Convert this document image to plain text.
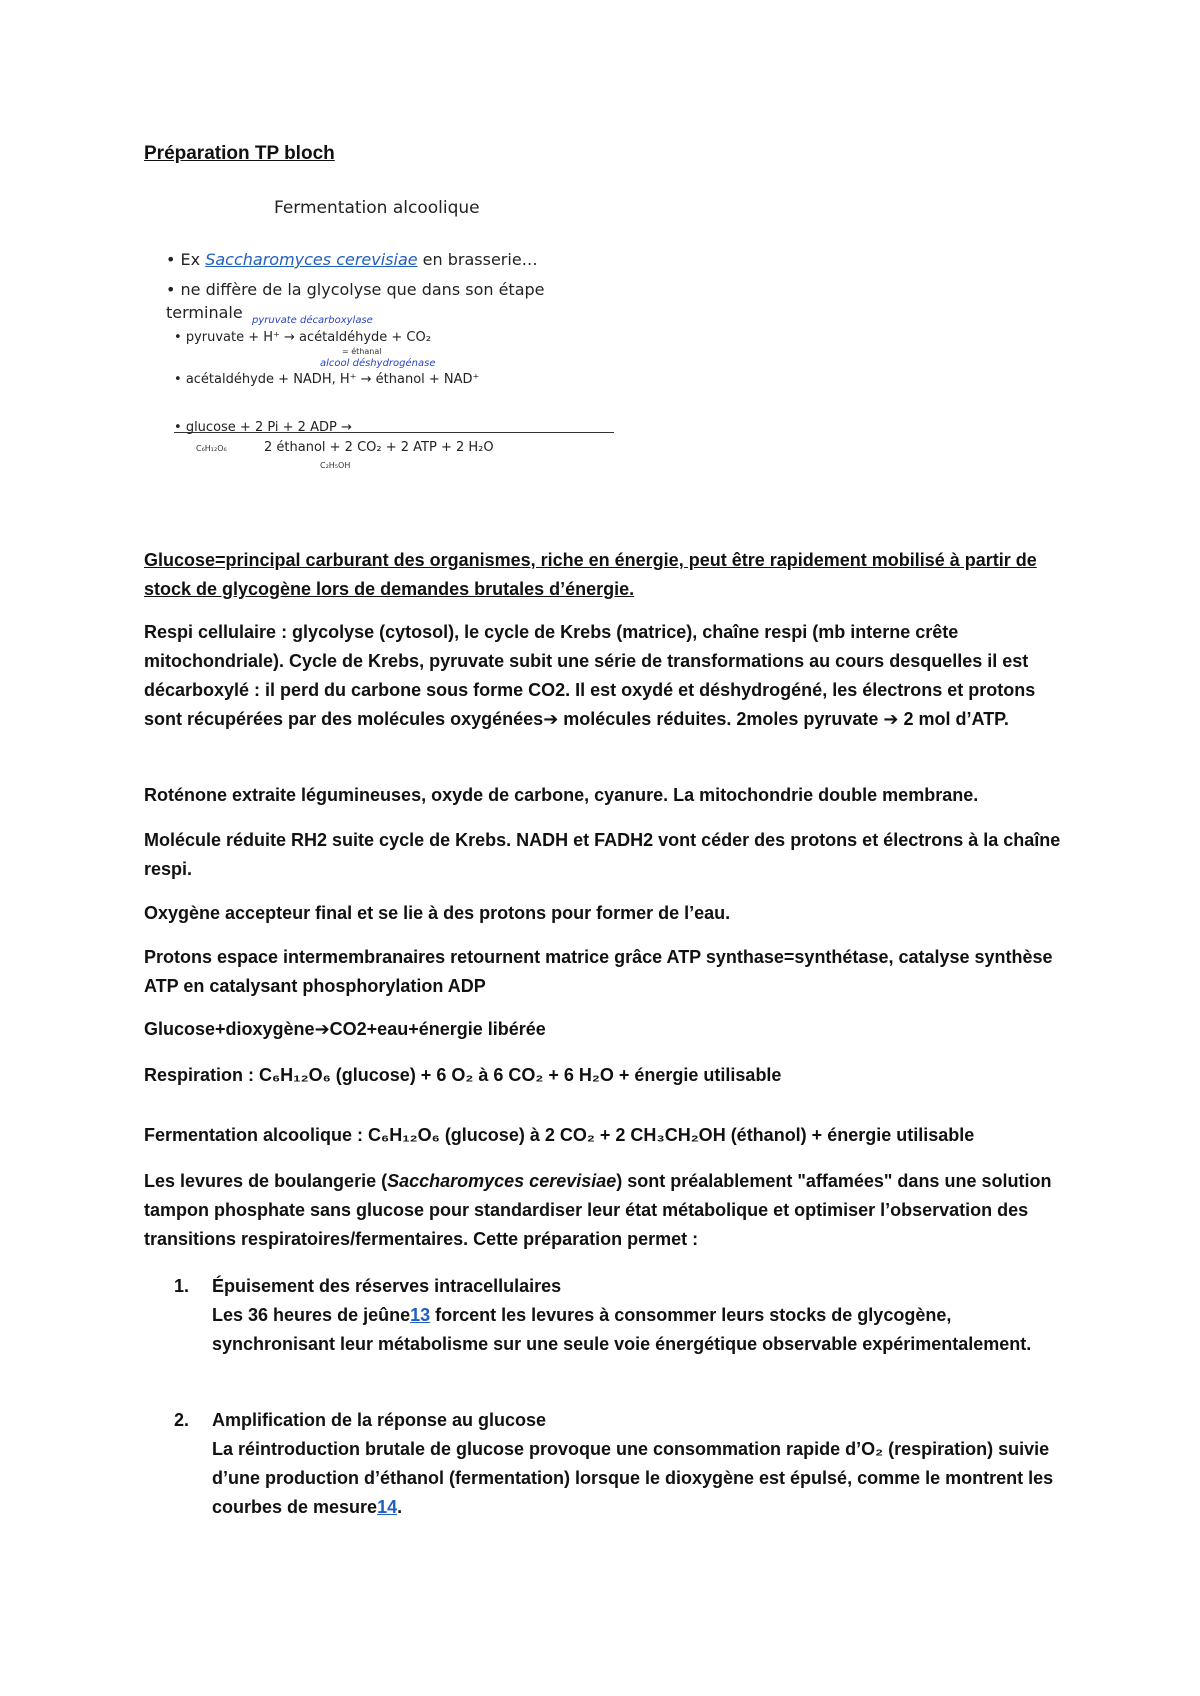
Préparation TP bloch
Fermentation alcoolique
• Ex Saccharomyces cerevisiae en brasserie…
• ne diffère de la glycolyse que dans son étape terminale pyruvate décarboxylase
• pyruvate + H⁺ → acétaldéhyde + CO₂
= éthanal
alcool déshydrogénase
• acétaldéhyde + NADH, H⁺ → éthanol + NAD⁺
• glucose + 2 Pi + 2 ADP →
C₆H₁₂O₆	2 éthanol + 2 CO₂ + 2 ATP + 2 H₂O
C₂H₅OH
Glucose=principal carburant des organismes, riche en énergie, peut être rapidement mobilisé à partir de stock de glycogène lors de demandes brutales d’énergie.
Respi cellulaire : glycolyse (cytosol), le cycle de Krebs (matrice), chaîne respi (mb interne crête mitochondriale). Cycle de Krebs, pyruvate subit une série de transformations au cours desquelles il est décarboxylé : il perd du carbone sous forme CO2. Il est oxydé et déshydrogéné, les électrons et protons sont récupérées par des molécules oxygénées➔ molécules réduites. 2moles pyruvate ➔ 2 mol d’ATP.
Roténone extraite légumineuses, oxyde de carbone, cyanure. La mitochondrie double membrane.
Molécule réduite RH2 suite cycle de Krebs. NADH et FADH2 vont céder des protons et électrons à la chaîne respi.
Oxygène accepteur final et se lie à des protons pour former de l’eau.
Protons espace intermembranaires retournent matrice grâce ATP synthase=synthétase, catalyse synthèse ATP en catalysant phosphorylation ADP
Glucose+dioxygène➔CO2+eau+énergie libérée
Respiration : C₆H₁₂O₆ (glucose) + 6 O₂ à 6 CO₂ + 6 H₂O + énergie utilisable
Fermentation alcoolique : C₆H₁₂O₆ (glucose) à 2 CO₂ + 2 CH₃CH₂OH (éthanol) + énergie utilisable
Les levures de boulangerie (Saccharomyces cerevisiae) sont préalablement "affamées" dans une solution tampon phosphate sans glucose pour standardiser leur état métabolique et optimiser l’observation des transitions respiratoires/fermentaires. Cette préparation permet :
1. Épuisement des réserves intracellulaires
Les 36 heures de jeûne13 forcent les levures à consommer leurs stocks de glycogène, synchronisant leur métabolisme sur une seule voie énergétique observable expérimentalement.
2. Amplification de la réponse au glucose
La réintroduction brutale de glucose provoque une consommation rapide d’O₂ (respiration) suivie d’une production d’éthanol (fermentation) lorsque le dioxygène est épulsé, comme le montrent les courbes de mesure14.
